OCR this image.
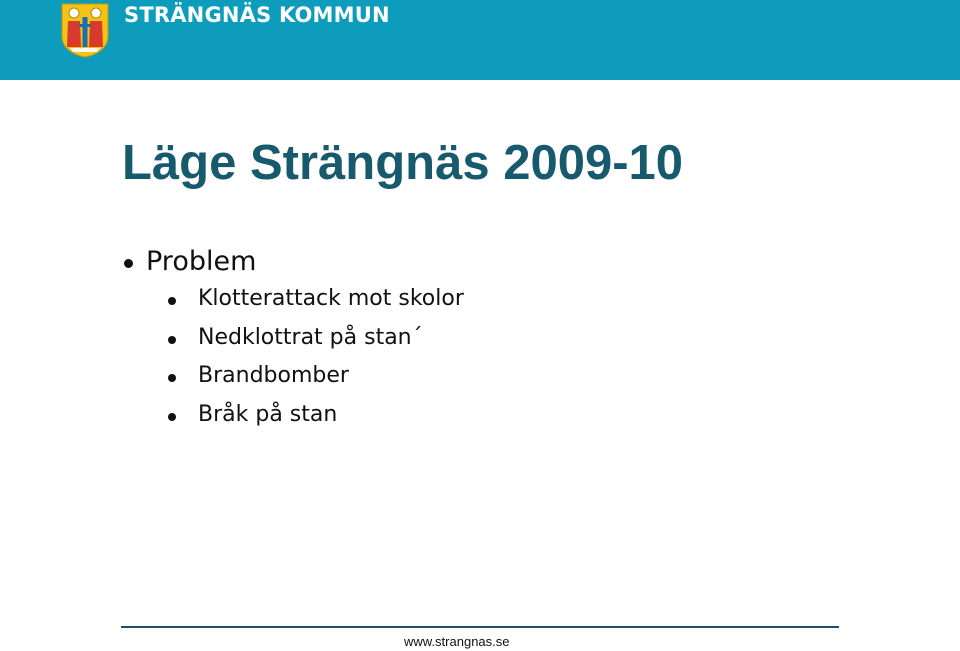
STRÄNGNÄS KOMMUN
Läge Strängnäs 2009-10
Problem
Klotterattack mot skolor
Nedklottrat på stan´
Brandbomber
Bråk på stan
www.strangnas.se
